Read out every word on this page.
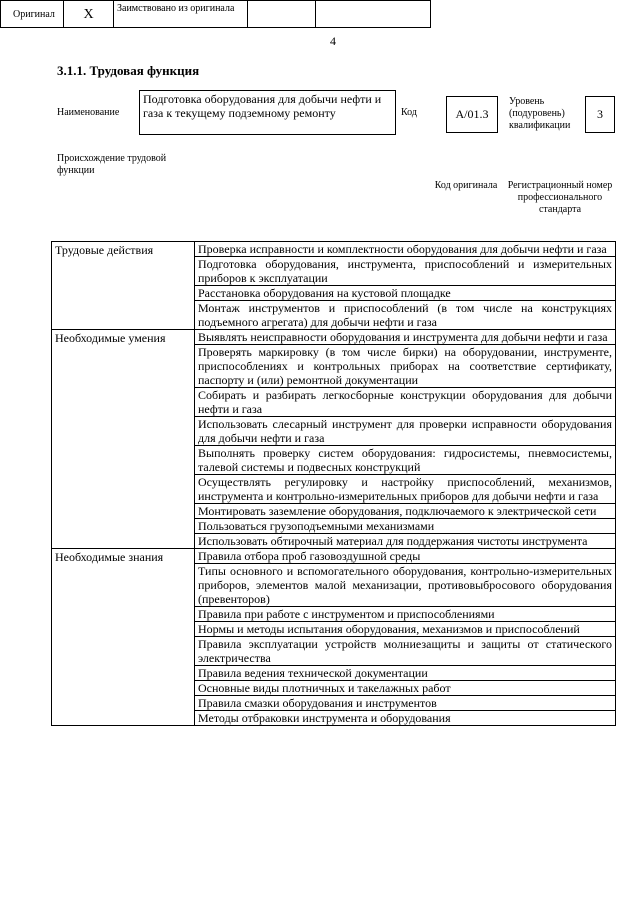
4
3.1.1. Трудовая функция
Наименование
Подготовка оборудования для добычи нефти и газа к текущему подземному ремонту	Код	А/01.3
Уровень (подуровень) квалификации
3
Происхождение трудовой функции
Оригинал X	Заимствовано из оригинала
Код оригинала	Регистрационный номер профессионального стандарта
Трудовые действия	Проверка исправности и комплектности оборудования для добычи нефти и газа
	Подготовка оборудования, инструмента, приспособлений и измерительных приборов к эксплуатации
	Расстановка оборудования на кустовой площадке
	Монтаж инструментов и приспособлений (в том числе на конструкциях подъемного агрегата) для добычи нефти и газа
Необходимые умения	Выявлять неисправности оборудования и инструмента для добычи нефти и газа
	Проверять маркировку (в том числе бирки) на оборудовании, инструменте, приспособлениях и контрольных приборах на соответствие сертификату, паспорту и (или) ремонтной документации
	Собирать и разбирать легкосборные конструкции оборудования для добычи нефти и газа
	Использовать слесарный инструмент для проверки исправности оборудования для добычи нефти и газа
	Выполнять проверку систем оборудования: гидросистемы, пневмосистемы, талевой системы и подвесных конструкций
	Осуществлять регулировку и настройку приспособлений, механизмов, инструмента и контрольно-измерительных приборов для добычи нефти и газа
	Монтировать заземление оборудования, подключаемого к электрической сети
	Пользоваться грузоподъемными механизмами
	Использовать обтирочный материал для поддержания чистоты инструмента
Необходимые знания	Правила отбора проб газовоздушной среды
	Типы основного и вспомогательного оборудования, контрольно-измерительных приборов, элементов малой механизации, противовыбросового оборудования (превенторов)
	Правила при работе с инструментом и приспособлениями
	Нормы и методы испытания оборудования, механизмов и приспособлений
	Правила эксплуатации устройств молниезащиты и защиты от статического электричества
	Правила ведения технической документации
	Основные виды плотничных и такелажных работ
	Правила смазки оборудования и инструментов
	Методы отбраковки инструмента и оборудования
